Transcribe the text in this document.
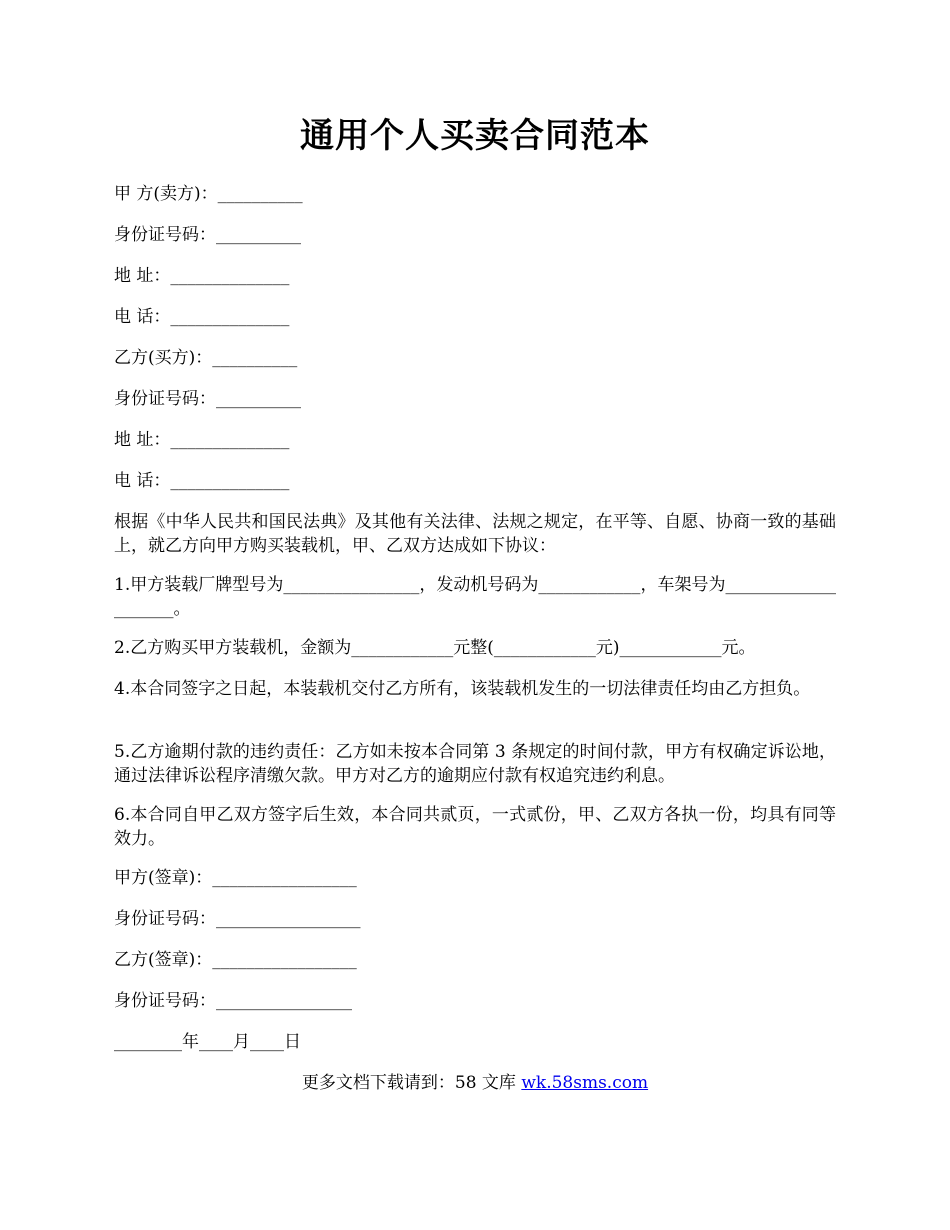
通用个人买卖合同范本

甲 方(卖方)：__________

身份证号码：__________

地 址：______________

电 话：______________

乙方(买方)：__________

身份证号码：__________

地 址：______________

电 话：______________

根据《中华人民共和国民法典》及其他有关法律、法规之规定，在平等、自愿、协商一致的基础上，就乙方向甲方购买装载机，甲、乙双方达成如下协议：

1.甲方装载厂牌型号为________________，发动机号码为____________，车架号为____________________。

2.乙方购买甲方装载机，金额为____________元整(____________元)____________元。

4.本合同签字之日起，本装载机交付乙方所有，该装载机发生的一切法律责任均由乙方担负。

5.乙方逾期付款的违约责任：乙方如未按本合同第 3 条规定的时间付款，甲方有权确定诉讼地，通过法律诉讼程序清缴欠款。甲方对乙方的逾期应付款有权追究违约利息。

6.本合同自甲乙双方签字后生效，本合同共贰页，一式贰份，甲、乙双方各执一份，均具有同等效力。

甲方(签章)：_________________

身份证号码：_________________

乙方(签章)：_________________

身份证号码：________________

________年____月____日

更多文档下载请到：58 文库 wk.58sms.com
